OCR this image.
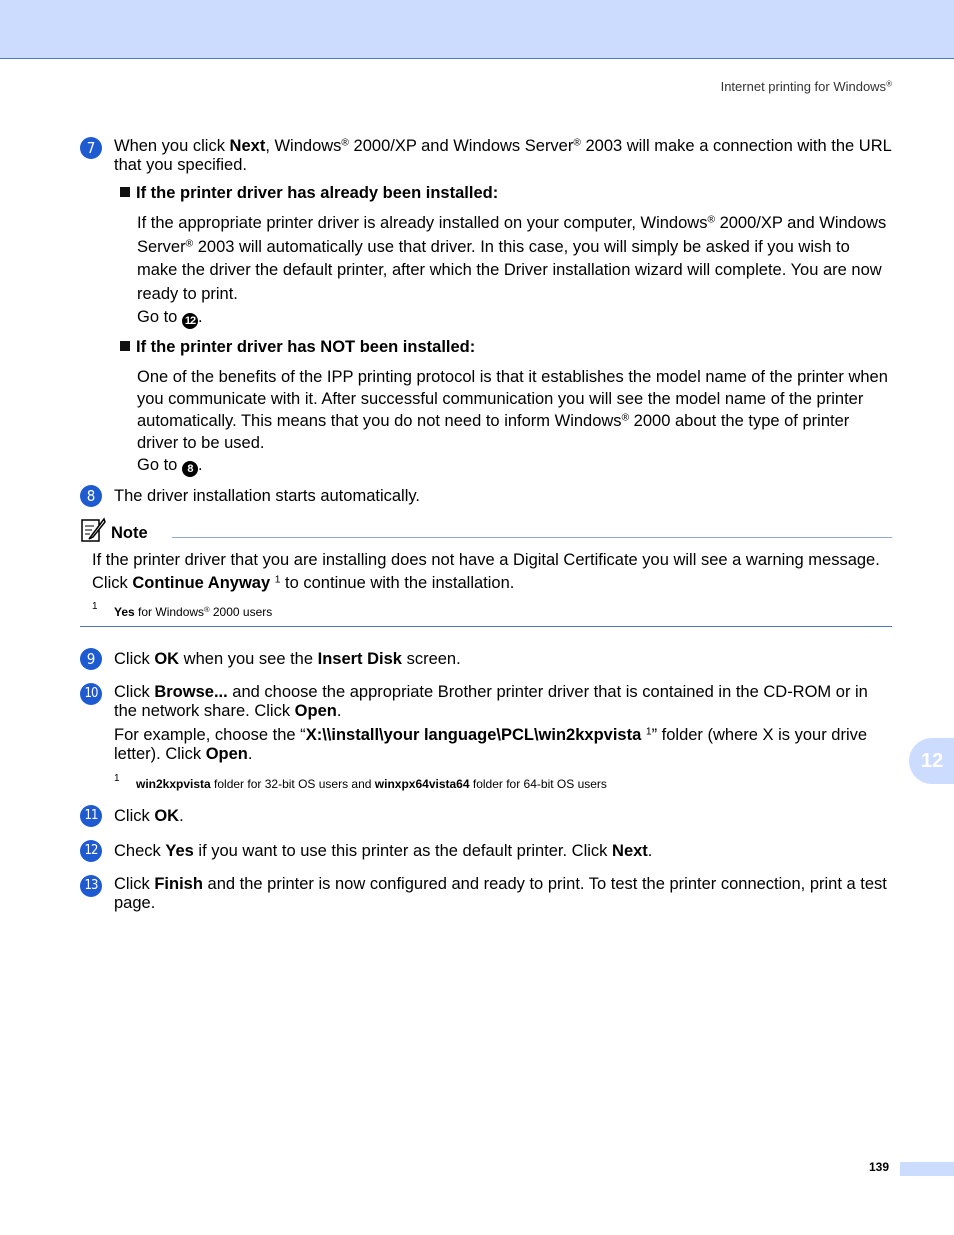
Internet printing for Windows®
7	When you click Next, Windows® 2000/XP and Windows Server® 2003 will make a connection with the URL that you specified.
If the printer driver has already been installed:
If the appropriate printer driver is already installed on your computer, Windows® 2000/XP and Windows Server® 2003 will automatically use that driver. In this case, you will simply be asked if you wish to make the driver the default printer, after which the Driver installation wizard will complete. You are now ready to print.
Go to 12 .
If the printer driver has NOT been installed:
One of the benefits of the IPP printing protocol is that it establishes the model name of the printer when you communicate with it. After successful communication you will see the model name of the printer automatically. This means that you do not need to inform Windows® 2000 about the type of printer driver to be used.
Go to 8 .
8	The driver installation starts automatically.
Note
If the printer driver that you are installing does not have a Digital Certificate you will see a warning message. Click Continue Anyway $^1$ to continue with the installation.
1 Yes for Windows® 2000 users
9	Click OK when you see the Insert Disk screen.
10 Click Browse... and choose the appropriate Brother printer driver that is contained in the CD-ROM or in the network share. Click Open.
For example, choose the “X:\\install\your language\PCL\win2kxpvista $^1$” folder (where X is your drive letter). Click Open.
1 win2kxpvista folder for 32-bit OS users and winxpx64vista64 folder for 64-bit OS users
11 Click OK.
12 Check Yes if you want to use this printer as the default printer. Click Next.
13 Click Finish and the printer is now configured and ready to print. To test the printer connection, print a test page.
12
139
